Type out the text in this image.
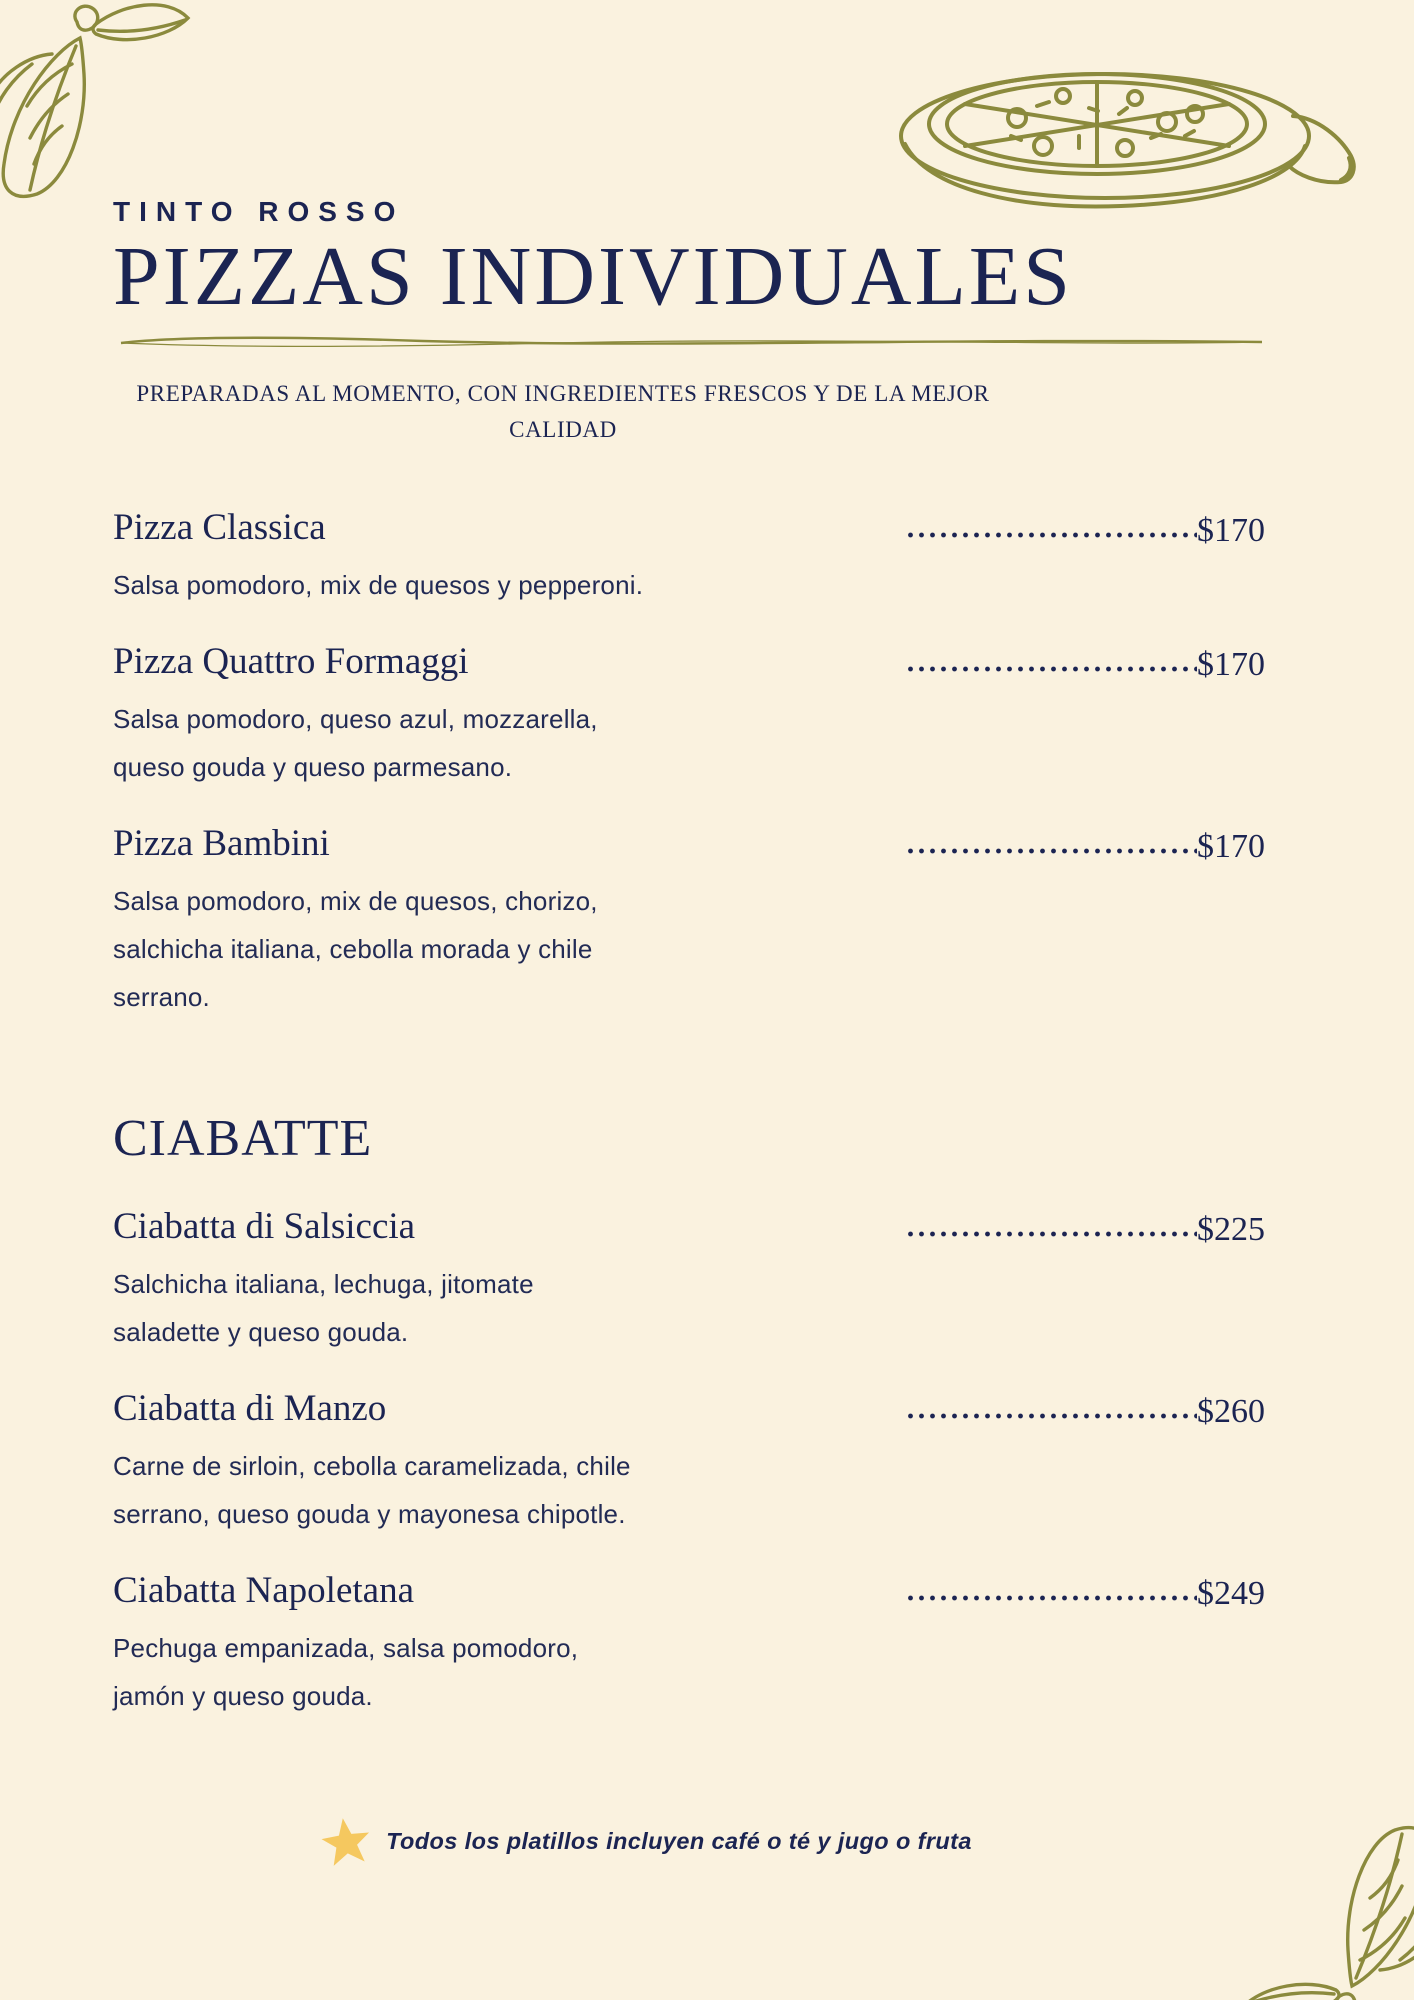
TINTO ROSSO
PIZZAS INDIVIDUALES

PREPARADAS AL MOMENTO, CON INGREDIENTES FRESCOS Y DE LA MEJOR CALIDAD

Pizza Classica	$170
Salsa pomodoro, mix de quesos y pepperoni.
Pizza Quattro Formaggi	$170
Salsa pomodoro, queso azul, mozzarella,
queso gouda y queso parmesano.
Pizza Bambini	$170
Salsa pomodoro, mix de quesos, chorizo,
salchicha italiana, cebolla morada y chile
serrano.
CIABATTE
Ciabatta di Salsiccia	$225
Salchicha italiana, lechuga, jitomate
saladette y queso gouda.
Ciabatta di Manzo	$260
Carne de sirloin, cebolla caramelizada, chile
serrano, queso gouda y mayonesa chipotle.
Ciabatta Napoletana	$249
Pechuga empanizada, salsa pomodoro,
jamón y queso gouda.
Todos los platillos incluyen café o té y jugo o fruta
